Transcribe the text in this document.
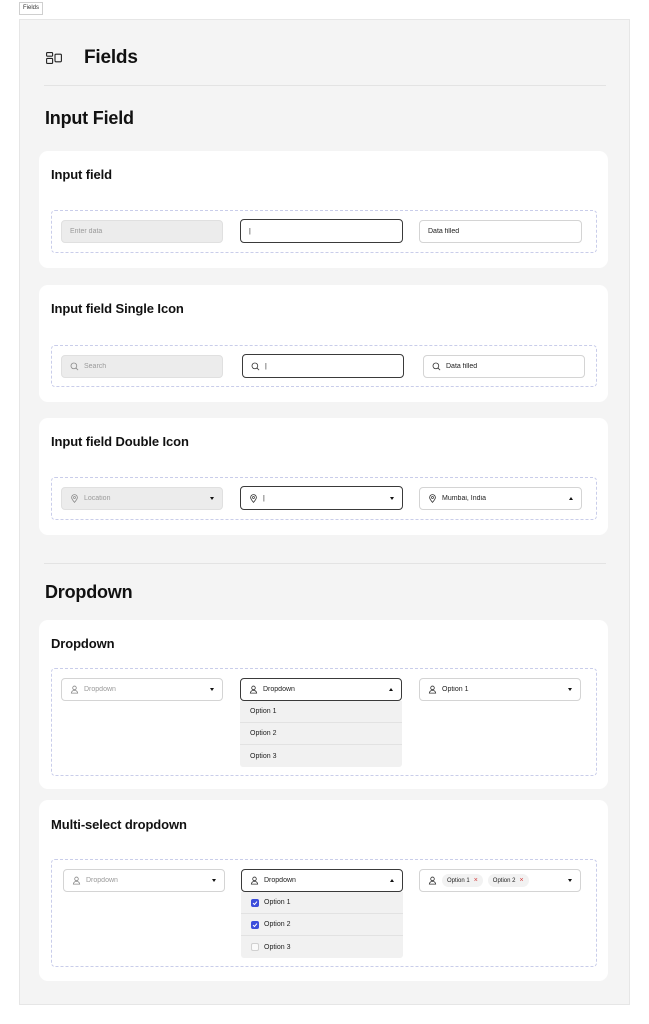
Fields
Fields
Input Field
Input field
Enter data	|	Data filled
Input field Single Icon
Search	|	Data filled
Input field Double Icon
Location	|	Mumbai, India
Dropdown
Dropdown
Dropdown	Dropdown
Option 1
Option 2
Option 3
Option 1
Multi-select dropdown
Dropdown	Dropdown
Option 1
Option 2
Option 3
Option 1 ×	Option 2 ×
